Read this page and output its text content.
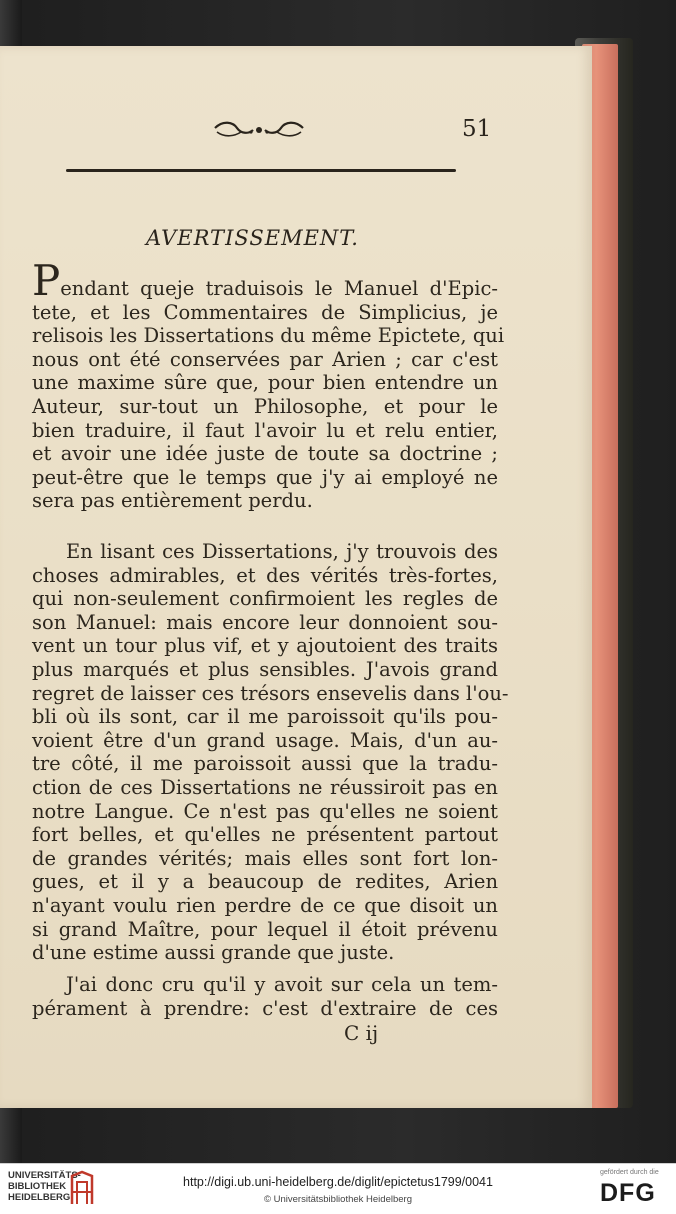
51
AVERTISSEMENT.
Pendant queje traduisois le Manuel d'Epic-
tete, et les Commentaires de Simplicius, je
relisois les Dissertations du même Epictete, qui
nous ont été conservées par Arien ; car c'est
une maxime sûre que, pour bien entendre un
Auteur, sur-tout un Philosophe, et pour le
bien traduire, il faut l'avoir lu et relu entier,
et avoir une idée juste de toute sa doctrine ;
peut-être que le temps que j'y ai employé ne
sera pas entièrement perdu.
En lisant ces Dissertations, j'y trouvois des
choses admirables, et des vérités très-fortes,
qui non-seulement confirmoient les regles de
son Manuel: mais encore leur donnoient sou-
vent un tour plus vif, et y ajoutoient des traits
plus marqués et plus sensibles. J'avois grand
regret de laisser ces trésors ensevelis dans l'ou-
bli où ils sont, car il me paroissoit qu'ils pou-
voient être d'un grand usage. Mais, d'un au-
tre côté, il me paroissoit aussi que la tradu-
ction de ces Dissertations ne réussiroit pas en
notre Langue. Ce n'est pas qu'elles ne soient
fort belles, et qu'elles ne présentent partout
de grandes vérités; mais elles sont fort lon-
gues, et il y a beaucoup de redites, Arien
n'ayant voulu rien perdre de ce que disoit un
si grand Maître, pour lequel il étoit prévenu
d'une estime aussi grande que juste.
J'ai donc cru qu'il y avoit sur cela un tem-
pérament à prendre: c'est d'extraire de ces
C ij
UNIVERSITÄTS-
BIBLIOTHEK
HEIDELBERG
http://digi.ub.uni-heidelberg.de/diglit/epictetus1799/0041
© Universitätsbibliothek Heidelberg
gefördert durch die
DFG
